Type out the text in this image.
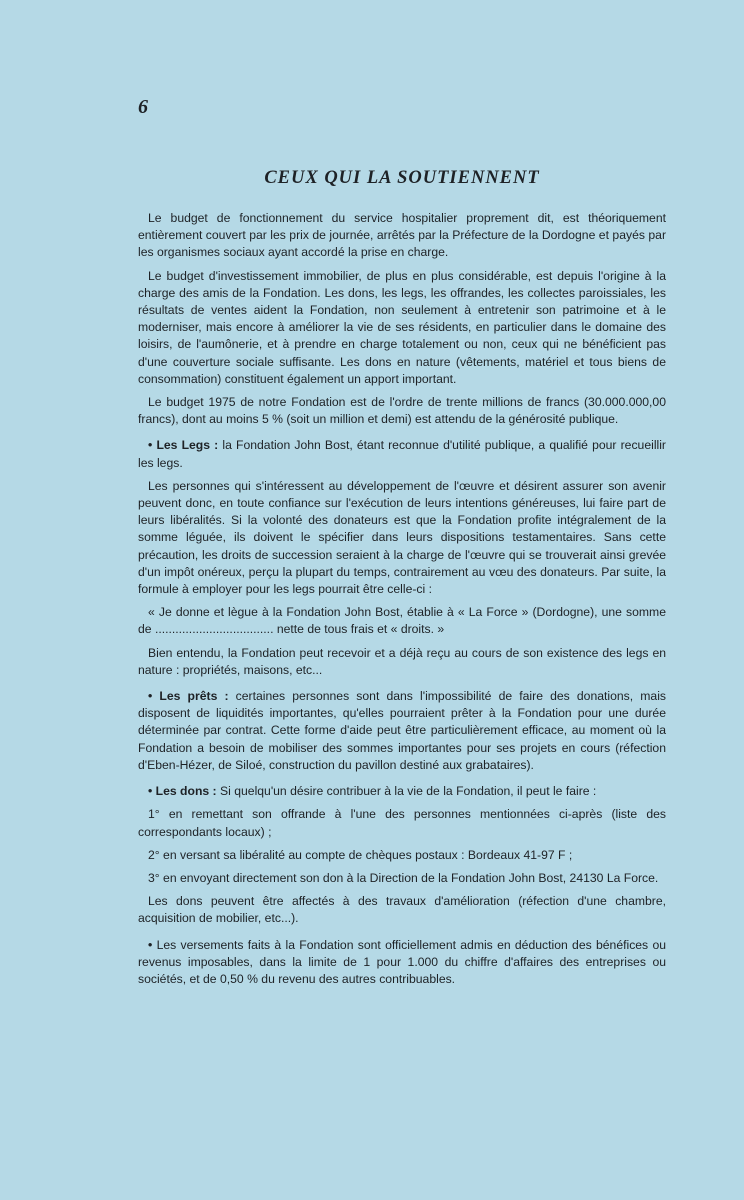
6
CEUX QUI LA SOUTIENNENT

Le budget de fonctionnement du service hospitalier proprement dit, est théoriquement entièrement couvert par les prix de journée, arrêtés par la Préfecture de la Dordogne et payés par les organismes sociaux ayant accordé la prise en charge.

Le budget d'investissement immobilier, de plus en plus considérable, est depuis l'origine à la charge des amis de la Fondation. Les dons, les legs, les offrandes, les collectes paroissiales, les résultats de ventes aident la Fondation, non seulement à entretenir son patrimoine et à le moderniser, mais encore à améliorer la vie de ses résidents, en particulier dans le domaine des loisirs, de l'aumônerie, et à prendre en charge totalement ou non, ceux qui ne bénéficient pas d'une couverture sociale suffisante. Les dons en nature (vêtements, matériel et tous biens de consommation) constituent également un apport important.

Le budget 1975 de notre Fondation est de l'ordre de trente millions de francs (30.000.000,00 francs), dont au moins 5 % (soit un million et demi) est attendu de la générosité publique.

• Les Legs : la Fondation John Bost, étant reconnue d'utilité publique, a qualifié pour recueillir les legs.

Les personnes qui s'intéressent au développement de l'œuvre et désirent assurer son avenir peuvent donc, en toute confiance sur l'exécution de leurs intentions généreuses, lui faire part de leurs libéralités. Si la volonté des donateurs est que la Fondation profite intégralement de la somme léguée, ils doivent le spécifier dans leurs dispositions testamentaires. Sans cette précaution, les droits de succession seraient à la charge de l'œuvre qui se trouverait ainsi grevée d'un impôt onéreux, perçu la plupart du temps, contrairement au vœu des donateurs. Par suite, la formule à employer pour les legs pourrait être celle-ci :

« Je donne et lègue à la Fondation John Bost, établie à « La Force » (Dordogne), une somme de ................................... nette de tous frais et « droits. »

Bien entendu, la Fondation peut recevoir et a déjà reçu au cours de son existence des legs en nature : propriétés, maisons, etc...

• Les prêts : certaines personnes sont dans l'impossibilité de faire des donations, mais disposent de liquidités importantes, qu'elles pourraient prêter à la Fondation pour une durée déterminée par contrat. Cette forme d'aide peut être particulièrement efficace, au moment où la Fondation a besoin de mobiliser des sommes importantes pour ses projets en cours (réfection d'Eben-Hézer, de Siloé, construction du pavillon destiné aux grabataires).

• Les dons : Si quelqu'un désire contribuer à la vie de la Fondation, il peut le faire :

1° en remettant son offrande à l'une des personnes mentionnées ci-après (liste des correspondants locaux) ;

2° en versant sa libéralité au compte de chèques postaux : Bordeaux 41-97 F ;

3° en envoyant directement son don à la Direction de la Fondation John Bost, 24130 La Force.

Les dons peuvent être affectés à des travaux d'amélioration (réfection d'une chambre, acquisition de mobilier, etc...).

• Les versements faits à la Fondation sont officiellement admis en déduction des bénéfices ou revenus imposables, dans la limite de 1 pour 1.000 du chiffre d'affaires des entreprises ou sociétés, et de 0,50 % du revenu des autres contribuables.
